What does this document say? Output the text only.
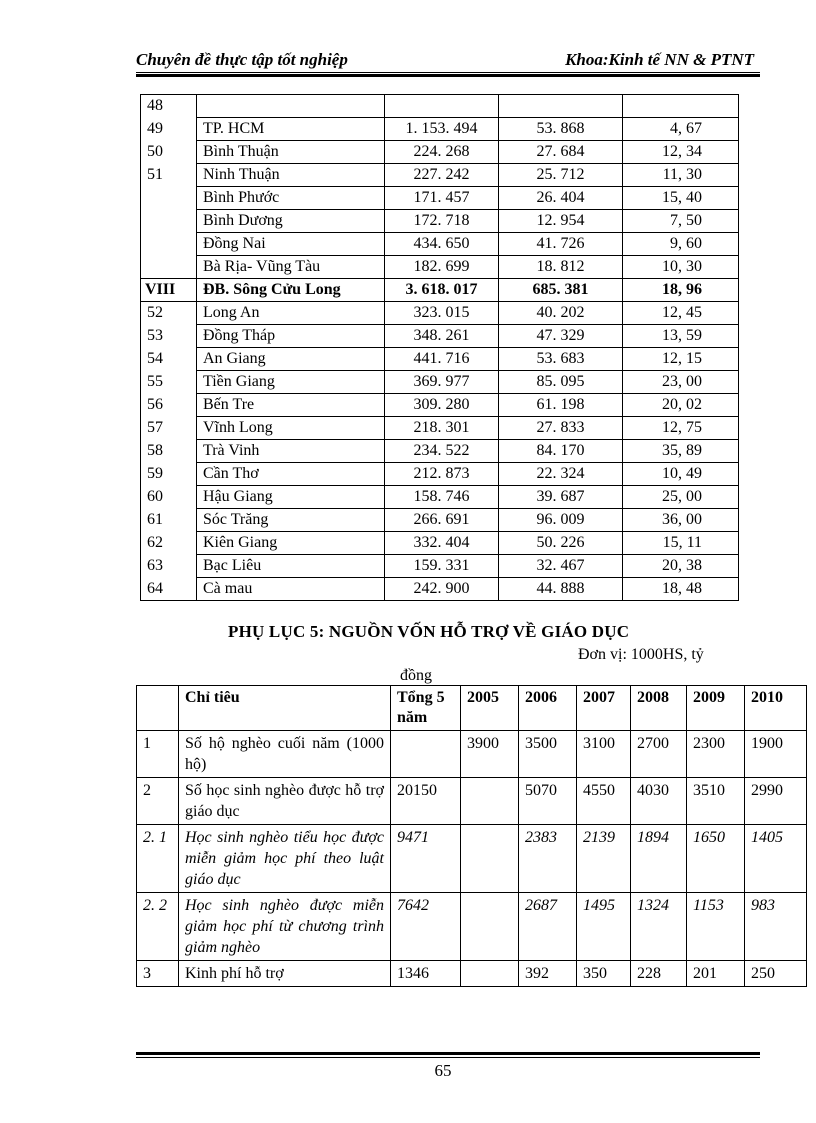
Chuyên đề thực tập tốt nghiệp	Khoa:Kinh tế NN & PTNT
48				
49	TP. HCM	1. 153. 494	53. 868	4, 67
50	Bình Thuận	224. 268	27. 684	12, 34
51	Ninh Thuận	227. 242	25. 712	11, 30
	Bình Phước	171. 457	26. 404	15, 40
	Bình Dương	172. 718	12. 954	7, 50
	Đồng Nai	434. 650	41. 726	9, 60
	Bà Rịa- Vũng Tàu	182. 699	18. 812	10, 30
VIII	ĐB. Sông Cửu Long	3. 618. 017	685. 381	18, 96
52	Long An	323. 015	40. 202	12, 45
53	Đồng Tháp	348. 261	47. 329	13, 59
54	An Giang	441. 716	53. 683	12, 15
55	Tiền Giang	369. 977	85. 095	23, 00
56	Bến Tre	309. 280	61. 198	20, 02
57	Vĩnh Long	218. 301	27. 833	12, 75
58	Trà Vinh	234. 522	84. 170	35, 89
59	Cần Thơ	212. 873	22. 324	10, 49
60	Hậu Giang	158. 746	39. 687	25, 00
61	Sóc Trăng	266. 691	96. 009	36, 00
62	Kiên Giang	332. 404	50. 226	15, 11
63	Bạc Liêu	159. 331	32. 467	20, 38
64	Cà mau	242. 900	44. 888	18, 48
PHỤ LỤC 5: NGUỒN VỐN HỖ TRỢ VỀ GIÁO DỤC
Đơn vị: 1000HS, tỷ
đồng
	Chỉ tiêu	Tổng 5 năm	2005	2006	2007	2008	2009	2010
1	Số hộ nghèo cuối năm (1000 hộ)		3900	3500	3100	2700	2300	1900
2	Số học sinh nghèo được hỗ trợ giáo dục	20150		5070	4550	4030	3510	2990
2. 1	Học sinh nghèo tiểu học được miễn giảm học phí theo luật giáo dục	9471		2383	2139	1894	1650	1405
2. 2	Học sinh nghèo được miễn giảm học phí từ chương trình giảm nghèo	7642		2687	1495	1324	1153	983
3	Kinh phí hỗ trợ	1346		392	350	228	201	250
65
